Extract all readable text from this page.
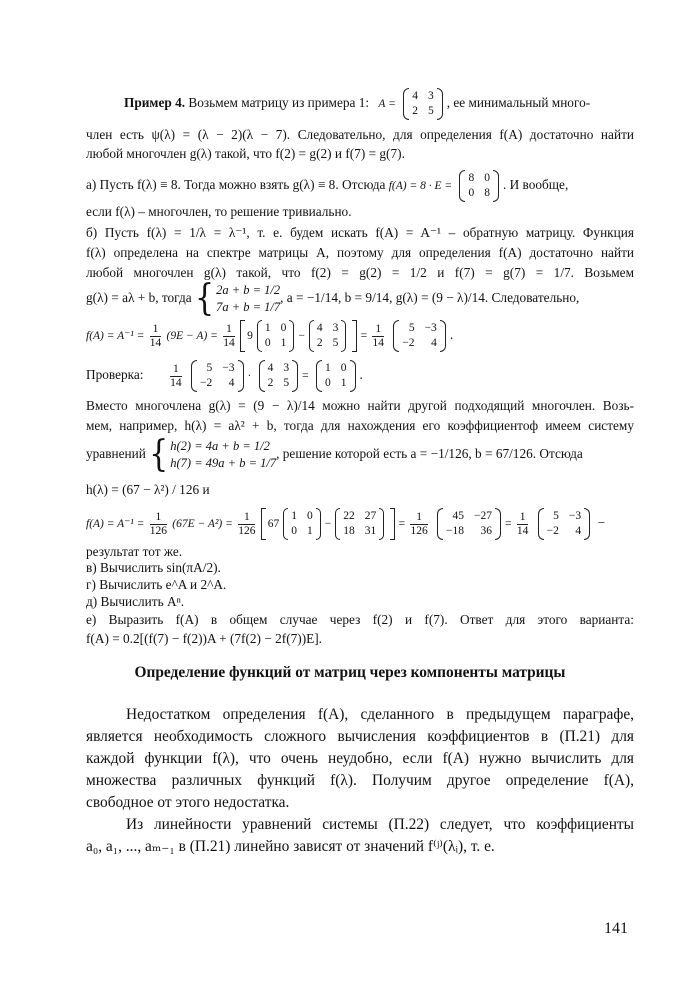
Пример 4. Возьмем матрицу из примера 1: A =
4 3
2 5
, ее минимальный много-
член есть ψ(λ) = (λ − 2)(λ − 7). Следовательно, для определения f(A) достаточно найти
любой многочлен g(λ) такой, что f(2) = g(2) и f(7) = g(7).
а) Пусть f(λ) ≡ 8. Тогда можно взять g(λ) ≡ 8. Отсюда f(A) = 8 · E =
8 0
0 8
. И вообще,
если f(λ) – многочлен, то решение тривиально.
б) Пусть f(λ) = 1/λ = λ⁻¹, т. е. будем искать f(A) = A⁻¹ – обратную матрицу. Функция
f(λ) определена на спектре матрицы A, поэтому для определения f(A) достаточно найти
любой многочлен g(λ) такой, что f(2) = g(2) = 1/2 и f(7) = g(7) = 1/7. Возьмем
g(λ) = aλ + b, тогда { 2a + b = 1/2
7a + b = 1/7
, a = −1/14, b = 9/14, g(λ) = (9 − λ)/14. Следовательно,
$f(A) = A^{-1} = \frac{1}{14} (9E - A) = \frac{1}{14}$
9
1 0
0 1
−
4 3
2 5
= $\frac{1}{14}$
	5 −3
−2	4
.
Проверка: $\frac{1}{14}$
	5 −3
−2	4
·
4 3
2 5
=
1 0
0 1
.
Вместо многочлена g(λ) = (9 − λ)/14 можно найти другой подходящий многочлен. Возь-
мем, например, h(λ) = aλ² + b, тогда для нахождения его коэффициентоф имеем систему
уравнений { h(2) = 4a + b = 1/2
h(7) = 49a + b = 1/7
, решение которой есть a = −1/126, b = 67/126. Отсюда
h(λ) = (67 − λ²) / 126 и
$f(A) = A^{-1} = \frac{1}{126} (67E - A^2) = \frac{1}{126}$
67
1 0
0 1
−
22 27
18 31
= $\frac{1}{126}$
	45 −27
−18	36
= $\frac{1}{14}$
	5 −3
−2	4
−
результат тот же.
в) Вычислить sin(πA/2).
г) Вычислить e^A и 2^A.
д) Вычислить Aⁿ.
е) Выразить f(A) в общем случае через f(2) и f(7). Ответ для этого варианта:
f(A) = 0.2[(f(7) − f(2))A + (7f(2) − 2f(7))E].
Определение функций от матриц через компоненты матрицы
Недостатком определения f(A), сделанного в предыдущем параграфе,
является необходимость сложного вычисления коэффициентов в (П.21) для
каждой функции f(λ), что очень неудобно, если f(A) нужно вычислить для
множества различных функций f(λ). Получим другое определение f(A),
свободное от этого недостатка.
Из линейности уравнений системы (П.22) следует, что коэффициенты
a₀, a₁, ..., aₘ₋₁ в (П.21) линейно зависят от значений f⁽ʲ⁾(λᵢ), т. е.
141
